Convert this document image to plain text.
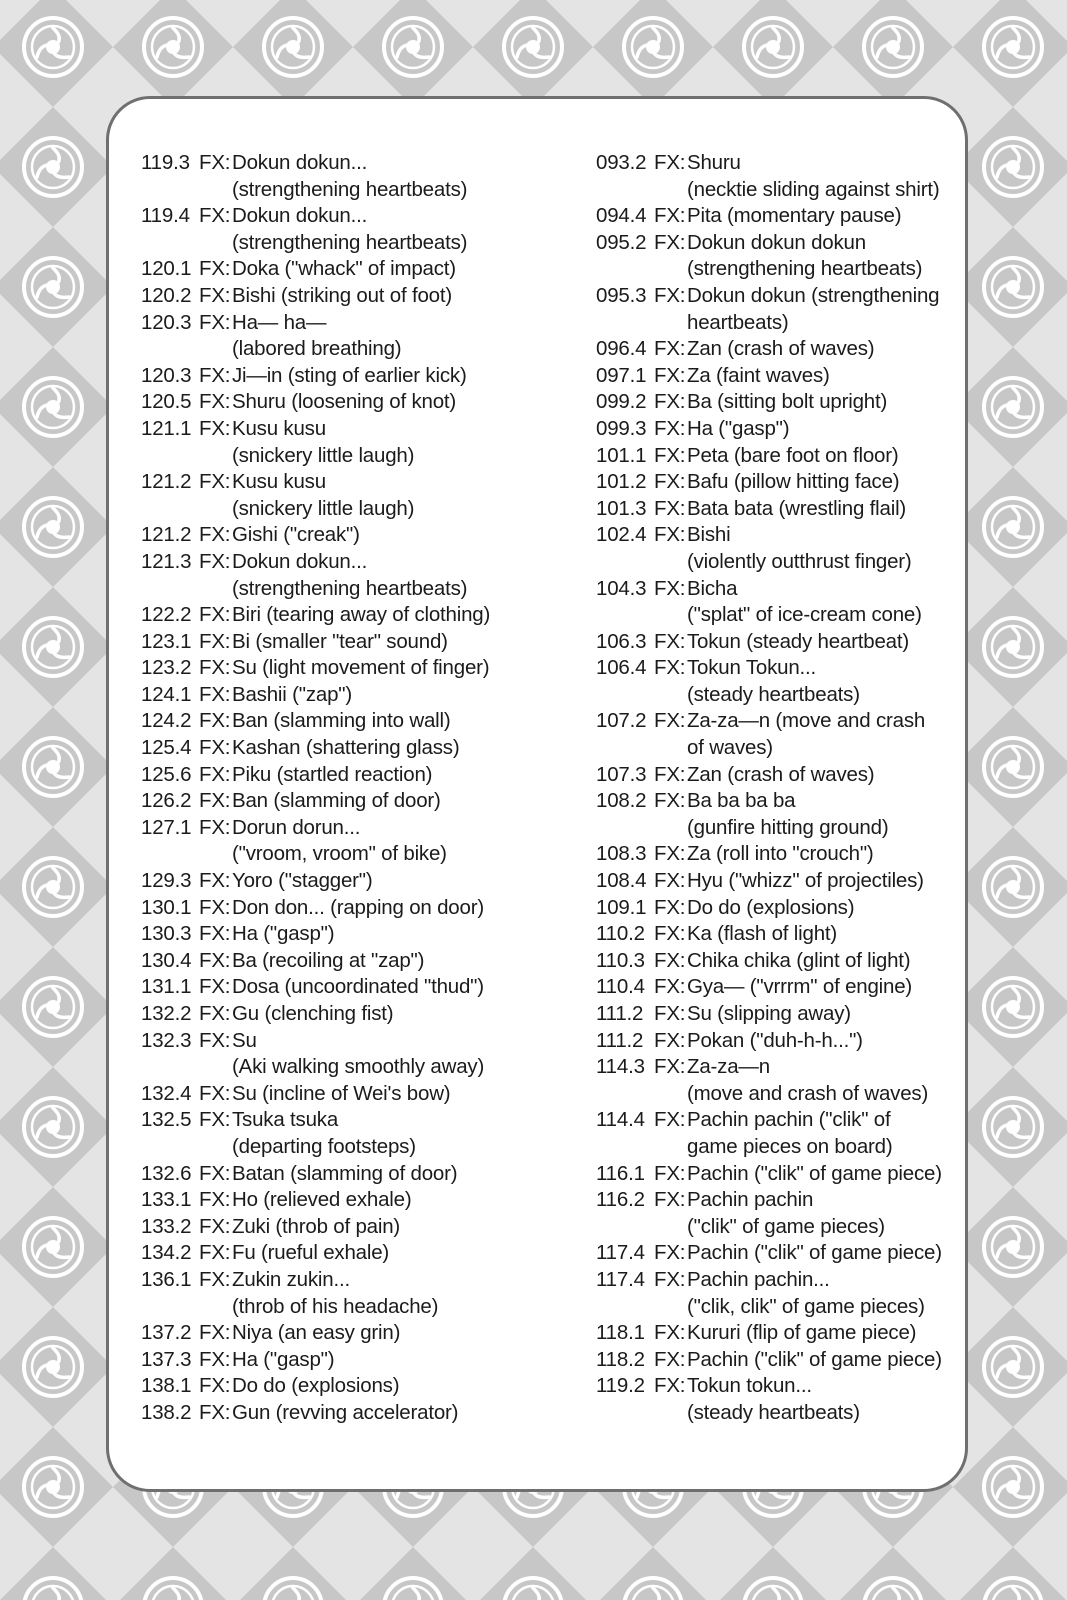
119.3 FX: Dokun dokun...
(strengthening heartbeats)
119.4 FX: Dokun dokun...
(strengthening heartbeats)
120.1 FX: Doka ("whack" of impact)
120.2 FX: Bishi (striking out of foot)
120.3 FX: Ha— ha—
(labored breathing)
120.3 FX: Ji—in (sting of earlier kick)
120.5 FX: Shuru (loosening of knot)
121.1 FX: Kusu kusu
(snickery little laugh)
121.2 FX: Kusu kusu
(snickery little laugh)
121.2 FX: Gishi ("creak")
121.3 FX: Dokun dokun...
(strengthening heartbeats)
122.2 FX: Biri (tearing away of clothing)
123.1 FX: Bi (smaller "tear" sound)
123.2 FX: Su (light movement of finger)
124.1 FX: Bashii ("zap")
124.2 FX: Ban (slamming into wall)
125.4 FX: Kashan (shattering glass)
125.6 FX: Piku (startled reaction)
126.2 FX: Ban (slamming of door)
127.1 FX: Dorun dorun...
("vroom, vroom" of bike)
129.3 FX: Yoro ("stagger")
130.1 FX: Don don... (rapping on door)
130.3 FX: Ha ("gasp")
130.4 FX: Ba (recoiling at "zap")
131.1 FX: Dosa (uncoordinated "thud")
132.2 FX: Gu (clenching fist)
132.3 FX: Su
(Aki walking smoothly away)
132.4 FX: Su (incline of Wei's bow)
132.5 FX: Tsuka tsuka
(departing footsteps)
132.6 FX: Batan (slamming of door)
133.1 FX: Ho (relieved exhale)
133.2 FX: Zuki (throb of pain)
134.2 FX: Fu (rueful exhale)
136.1 FX: Zukin zukin...
(throb of his headache)
137.2 FX: Niya (an easy grin)
137.3 FX: Ha ("gasp")
138.1 FX: Do do (explosions)
138.2 FX: Gun (revving accelerator)
093.2 FX: Shuru
(necktie sliding against shirt)
094.4 FX: Pita (momentary pause)
095.2 FX: Dokun dokun dokun
(strengthening heartbeats)
095.3 FX: Dokun dokun (strengthening
heartbeats)
096.4 FX: Zan (crash of waves)
097.1 FX: Za (faint waves)
099.2 FX: Ba (sitting bolt upright)
099.3 FX: Ha ("gasp")
101.1 FX: Peta (bare foot on floor)
101.2 FX: Bafu (pillow hitting face)
101.3 FX: Bata bata (wrestling flail)
102.4 FX: Bishi
(violently outthrust finger)
104.3 FX: Bicha
("splat" of ice-cream cone)
106.3 FX: Tokun (steady heartbeat)
106.4 FX: Tokun Tokun...
(steady heartbeats)
107.2 FX: Za-za—n (move and crash
of waves)
107.3 FX: Zan (crash of waves)
108.2 FX: Ba ba ba ba
(gunfire hitting ground)
108.3 FX: Za (roll into "crouch")
108.4 FX: Hyu ("whizz" of projectiles)
109.1 FX: Do do (explosions)
110.2 FX: Ka (flash of light)
110.3 FX: Chika chika (glint of light)
110.4 FX: Gya— ("vrrrm" of engine)
111.2 FX: Su (slipping away)
111.2 FX: Pokan ("duh-h-h...")
114.3 FX: Za-za—n
(move and crash of waves)
114.4 FX: Pachin pachin ("clik" of
game pieces on board)
116.1 FX: Pachin ("clik" of game piece)
116.2 FX: Pachin pachin
("clik" of game pieces)
117.4 FX: Pachin ("clik" of game piece)
117.4 FX: Pachin pachin...
("clik, clik" of game pieces)
118.1 FX: Kururi (flip of game piece)
118.2 FX: Pachin ("clik" of game piece)
119.2 FX: Tokun tokun...
(steady heartbeats)
